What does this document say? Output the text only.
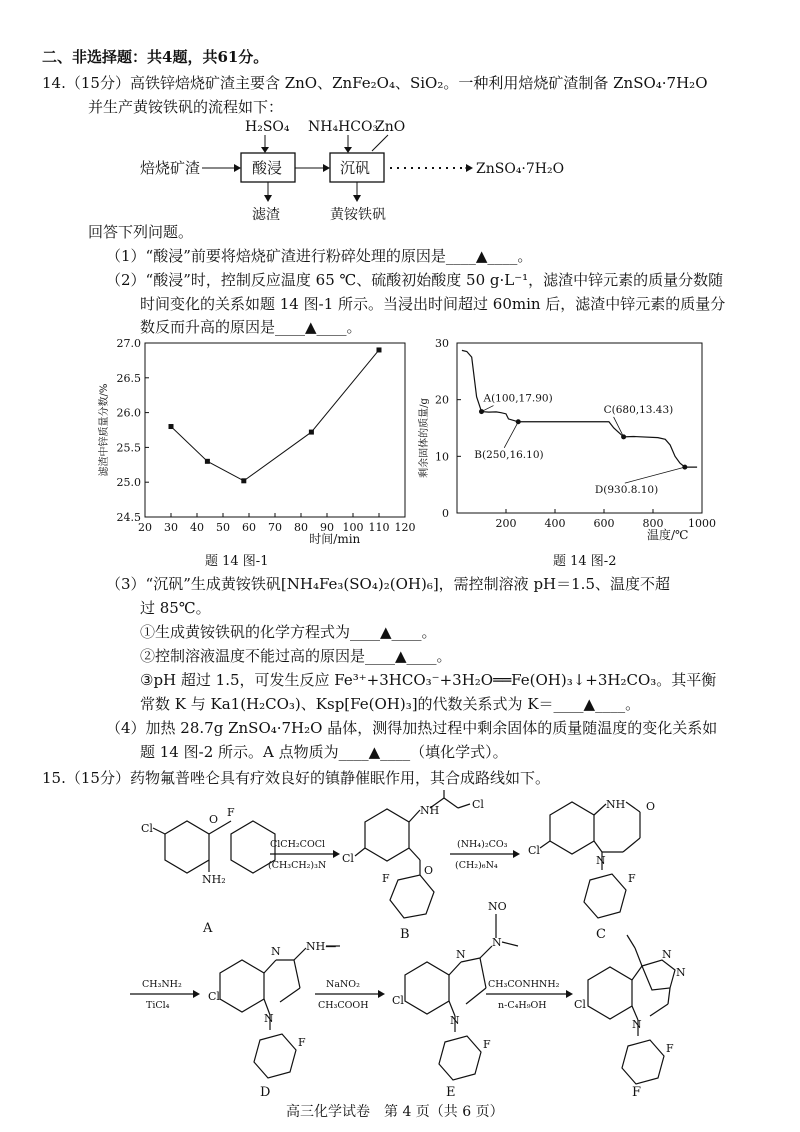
二、非选择题：共4题，共61分。
14.（15分）高铁锌焙烧矿渣主要含 ZnO、ZnFe₂O₄、SiO₂。一种利用焙烧矿渣制备 ZnSO₄·7H₂O
并生产黄铵铁矾的流程如下：
H₂SO₄ NH₄HCO₃
ZnO
焙烧矿渣	酸浸	沉矾	ZnSO₄·7H₂O
滤渣	黄铵铁矾
回答下列问题。
（1）“酸浸”前要将焙烧矿渣进行粉碎处理的原因是____▲____。
（2）“酸浸”时，控制反应温度 65 ℃、硫酸初始酸度 50 g·L⁻¹，滤渣中锌元素的质量分数随
时间变化的关系如题 14 图-1 所示。当浸出时间超过 60min 后，滤渣中锌元素的质量分
数反而升高的原因是____▲____。
20 30 40 50 60 70 80 90 100 110 120
24.5
25.0
25.5
26.0
26.5
27.0
时间/min
滤渣中锌质量分数/%
题 14 图-1
200	400	600	800 1000
0
10
20
30
A(100,17.90)
B(250,16.10)
C(680,13.43)
D(930.8.10)
温度/℃
剩余固体的质量/g
题 14 图-2
（3）“沉矾”生成黄铵铁矾[NH₄Fe₃(SO₄)₂(OH)₆]，需控制溶液 pH＝1.5、温度不超
过 85℃。
①生成黄铵铁矾的化学方程式为____▲____。
②控制溶液温度不能过高的原因是____▲____。
③pH 超过 1.5，可发生反应 Fe³⁺+3HCO₃⁻+3H₂O══Fe(OH)₃↓+3H₂CO₃。其平衡
常数 K 与 Ka1(H₂CO₃)、Ksp[Fe(OH)₃]的代数关系式为 K＝____▲____。
（4）加热 28.7g ZnSO₄·7H₂O 晶体，测得加热过程中剩余固体的质量随温度的变化关系如
题 14 图-2 所示。A 点物质为____▲____（填化学式）。
15.（15分）药物氟普唑仑具有疗效良好的镇静催眠作用，其合成路线如下。
Cl
O
F
NH₂
NH	Cl
Cl
O
F
NH O
Cl
N
F
N NH—
Cl
N
F
N
N
NO
Cl
N
F
N
N
Cl
N
F
ClCH₂COCl
(CH₃CH₂)₃N
(NH₄)₂CO₃
(CH₂)₆N₄
CH₃NH₂
TiCl₄
NaNO₂
CH₃COOH
CH₃CONHNH₂
n-C₄H₉OH
A	B	C
D	E	F
高三化学试卷　第 4 页（共 6 页）
